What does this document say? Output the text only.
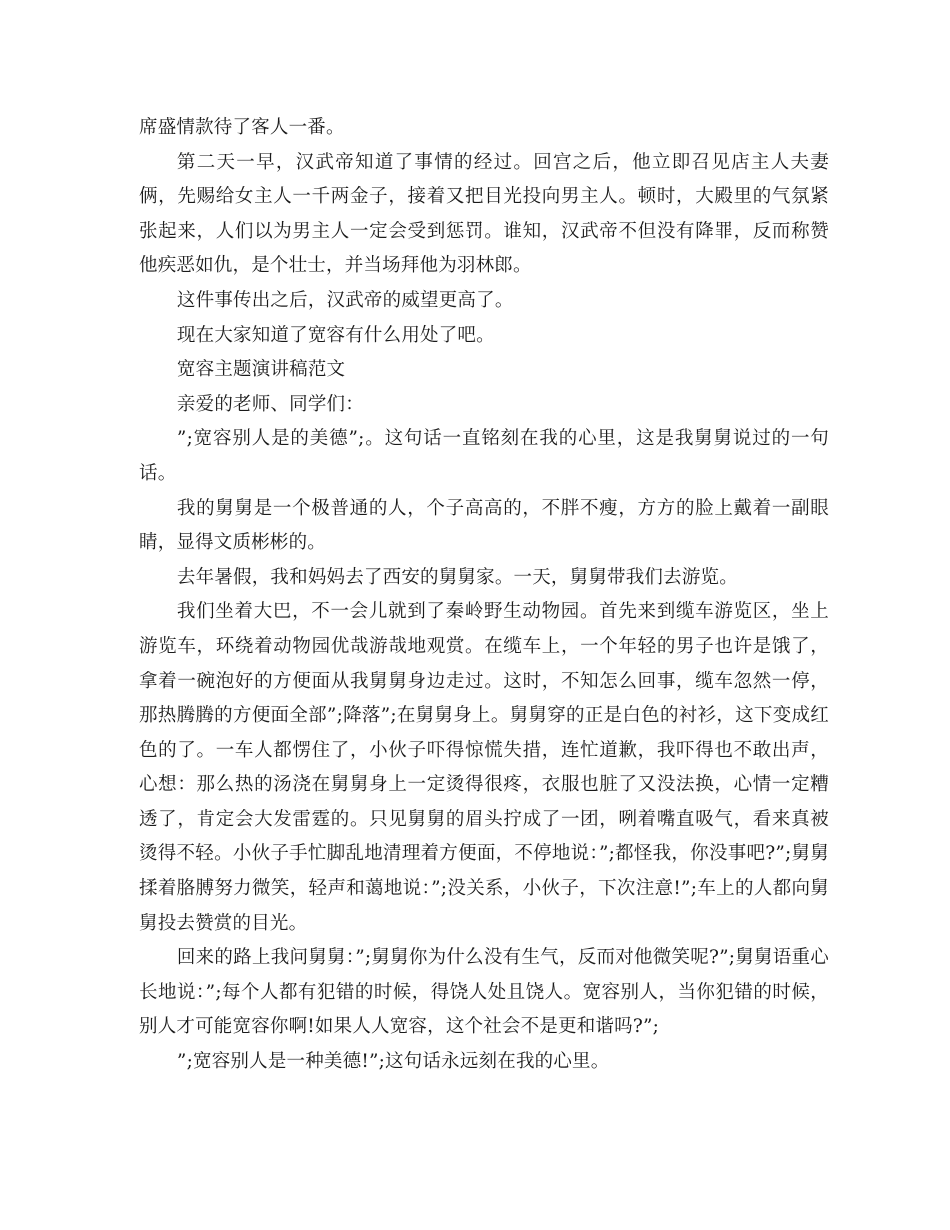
席盛情款待了客人一番。

第二天一早，汉武帝知道了事情的经过。回宫之后，他立即召见店主人夫妻俩，先赐给女主人一千两金子，接着又把目光投向男主人。顿时，大殿里的气氛紧张起来，人们以为男主人一定会受到惩罚。谁知，汉武帝不但没有降罪，反而称赞他疾恶如仇，是个壮士，并当场拜他为羽林郎。

这件事传出之后，汉武帝的威望更高了。

现在大家知道了宽容有什么用处了吧。

宽容主题演讲稿范文

亲爱的老师、同学们：

”;宽容别人是的美德”;。这句话一直铭刻在我的心里，这是我舅舅说过的一句话。

我的舅舅是一个极普通的人，个子高高的，不胖不瘦，方方的脸上戴着一副眼睛，显得文质彬彬的。

去年暑假，我和妈妈去了西安的舅舅家。一天，舅舅带我们去游览。

我们坐着大巴，不一会儿就到了秦岭野生动物园。首先来到缆车游览区，坐上游览车，环绕着动物园优哉游哉地观赏。在缆车上，一个年轻的男子也许是饿了，拿着一碗泡好的方便面从我舅舅身边走过。这时，不知怎么回事，缆车忽然一停，那热腾腾的方便面全部”;降落”;在舅舅身上。舅舅穿的正是白色的衬衫，这下变成红色的了。一车人都愣住了，小伙子吓得惊慌失措，连忙道歉，我吓得也不敢出声，心想：那么热的汤浇在舅舅身上一定烫得很疼，衣服也脏了又没法换，心情一定糟透了，肯定会大发雷霆的。只见舅舅的眉头拧成了一团，咧着嘴直吸气，看来真被烫得不轻。小伙子手忙脚乱地清理着方便面，不停地说：”;都怪我，你没事吧?”;舅舅揉着胳膊努力微笑，轻声和蔼地说：”;没关系，小伙子，下次注意!”;车上的人都向舅舅投去赞赏的目光。

回来的路上我问舅舅：”;舅舅你为什么没有生气，反而对他微笑呢?”;舅舅语重心长地说：”;每个人都有犯错的时候，得饶人处且饶人。宽容别人，当你犯错的时候，别人才可能宽容你啊!如果人人宽容，这个社会不是更和谐吗?”;

”;宽容别人是一种美德!”;这句话永远刻在我的心里。
